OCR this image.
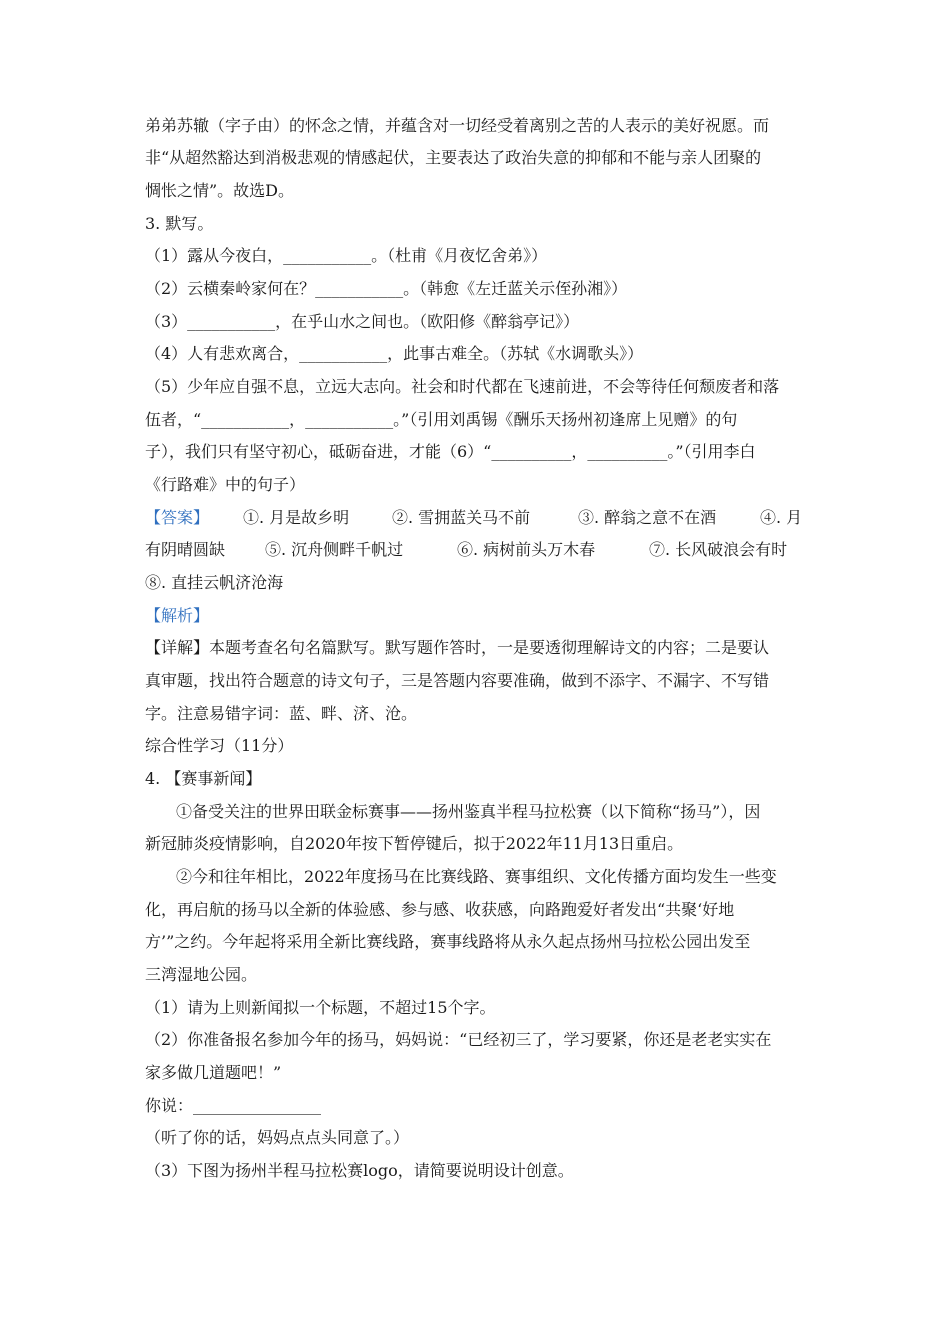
弟弟苏辙（字子由）的怀念之情，并蕴含对一切经受着离别之苦的人表示的美好祝愿。而
非“从超然豁达到消极悲观的情感起伏，主要表达了政治失意的抑郁和不能与亲人团聚的
惆怅之情”。故选D。
3. 默写。
（1）露从今夜白，___________。（杜甫《月夜忆舍弟》）
（2）云横秦岭家何在？___________。（韩愈《左迁蓝关示侄孙湘》）
（3）___________，在乎山水之间也。（欧阳修《醉翁亭记》）
（4）人有悲欢离合，___________，此事古难全。（苏轼《水调歌头》）
（5）少年应自强不息，立远大志向。社会和时代都在飞速前进，不会等待任何颓废者和落
伍者，“___________，___________。”（引用刘禹锡《酬乐天扬州初逢席上见赠》的句
子），我们只有坚守初心，砥砺奋进，才能（6）“__________，__________。”（引用李白
《行路难》中的句子）
【答案】 ①. 月是故乡明	②. 雪拥蓝关马不前	③. 醉翁之意不在酒	④. 月
有阴晴圆缺 ⑤. 沉舟侧畔千帆过	⑥. 病树前头万木春	⑦. 长风破浪会有时
⑧. 直挂云帆济沧海
【解析】
【详解】本题考查名句名篇默写。默写题作答时，一是要透彻理解诗文的内容；二是要认
真审题，找出符合题意的诗文句子，三是答题内容要准确，做到不添字、不漏字、不写错
字。注意易错字词：蓝、畔、济、沧。
综合性学习（11分）
4. 【赛事新闻】
①备受关注的世界田联金标赛事——扬州鉴真半程马拉松赛（以下简称“扬马”），因
新冠肺炎疫情影响，自2020年按下暂停键后，拟于2022年11月13日重启。
②今和往年相比，2022年度扬马在比赛线路、赛事组织、文化传播方面均发生一些变
化，再启航的扬马以全新的体验感、参与感、收获感，向路跑爱好者发出“共聚‘好地
方’”之约。今年起将采用全新比赛线路，赛事线路将从永久起点扬州马拉松公园出发至
三湾湿地公园。
（1）请为上则新闻拟一个标题，不超过15个字。
（2）你准备报名参加今年的扬马，妈妈说：“已经初三了，学习要紧，你还是老老实实在
家多做几道题吧！”
你说：________________
（听了你的话，妈妈点点头同意了。）
（3）下图为扬州半程马拉松赛logo，请简要说明设计创意。
